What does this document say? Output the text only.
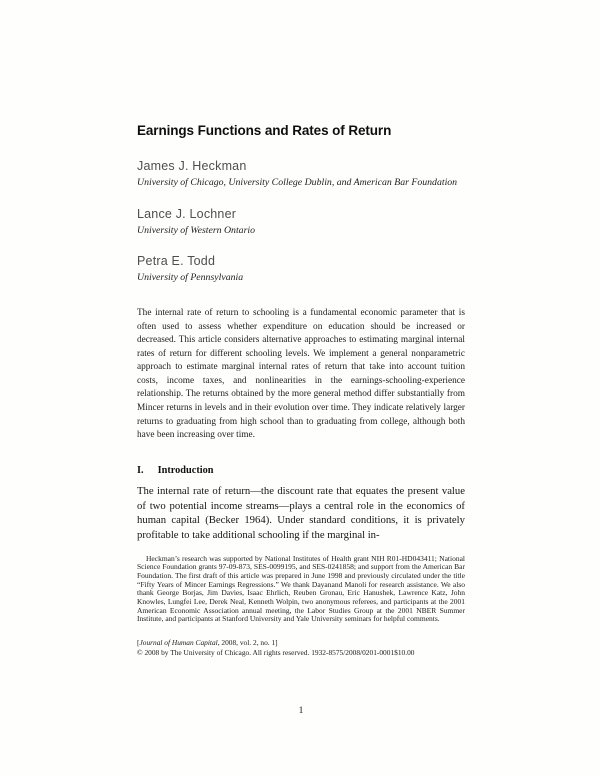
Earnings Functions and Rates of Return
James J. Heckman
University of Chicago, University College Dublin, and American Bar Foundation
Lance J. Lochner
University of Western Ontario
Petra E. Todd
University of Pennsylvania

The internal rate of return to schooling is a fundamental economic parameter that is often used to assess whether expenditure on education should be increased or decreased. This article considers alternative approaches to estimating marginal internal rates of return for different schooling levels. We implement a general nonparametric approach to estimate marginal internal rates of return that take into account tuition costs, income taxes, and nonlinearities in the earnings-schooling-experience relationship. The returns obtained by the more general method differ substantially from Mincer returns in levels and in their evolution over time. They indicate relatively larger returns to graduating from high school than to graduating from college, although both have been increasing over time.

I. Introduction

The internal rate of return—the discount rate that equates the present value of two potential income streams—plays a central role in the economics of human capital (Becker 1964). Under standard conditions, it is privately profitable to take additional schooling if the marginal in-

Heckman’s research was supported by National Institutes of Health grant NIH R01-HD043411; National Science Foundation grants 97-09-873, SES-0099195, and SES-0241858; and support from the American Bar Foundation. The first draft of this article was prepared in June 1998 and previously circulated under the title “Fifty Years of Mincer Earnings Regressions.” We thank Dayanand Manoli for research assistance. We also thank George Borjas, Jim Davies, Isaac Ehrlich, Reuben Gronau, Eric Hanushek, Lawrence Katz, John Knowles, Lungfei Lee, Derek Neal, Kenneth Wolpin, two anonymous referees, and participants at the 2001 American Economic Association annual meeting, the Labor Studies Group at the 2001 NBER Summer Institute, and participants at Stanford University and Yale University seminars for helpful comments.

[Journal of Human Capital, 2008, vol. 2, no. 1]
© 2008 by The University of Chicago. All rights reserved. 1932-8575/2008/0201-0001$10.00
1
